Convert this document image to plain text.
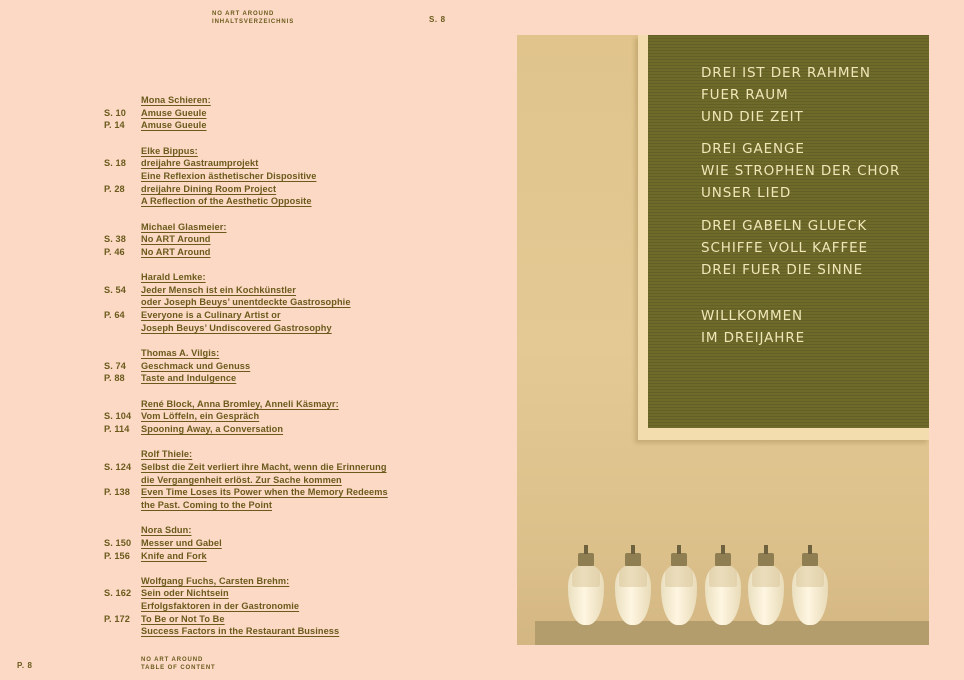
NO ART AROUND
INHALTSVERZEICHNIS	S. 8
Mona Schieren:
S. 10	Amuse Gueule
P. 14	Amuse Gueule
Elke Bippus:
S. 18	dreijahre Gastraumprojekt
Eine Reflexion ästhetischer Dispositive
P. 28	dreijahre Dining Room Project
A Reflection of the Aesthetic Opposite
Michael Glasmeier:
S. 38	No ART Around
P. 46	No ART Around
Harald Lemke:
S. 54	Jeder Mensch ist ein Kochkünstler
oder Joseph Beuys’ unentdeckte Gastrosophie
P. 64	Everyone is a Culinary Artist or
Joseph Beuys’ Undiscovered Gastrosophy
Thomas A. Vilgis:
S. 74	Geschmack und Genuss
P. 88	Taste and Indulgence
René Block, Anna Bromley, Anneli Käsmayr:
S. 104	Vom Löffeln, ein Gespräch
P. 114	Spooning Away, a Conversation
Rolf Thiele:
S. 124	Selbst die Zeit verliert ihre Macht, wenn die Erinnerung
die Vergangenheit erlöst. Zur Sache kommen
P. 138	Even Time Loses its Power when the Memory Redeems
the Past. Coming to the Point
Nora Sdun:
S. 150	Messer und Gabel
P. 156	Knife and Fork
Wolfgang Fuchs, Carsten Brehm:
S. 162	Sein oder Nichtsein
Erfolgsfaktoren in der Gastronomie
P. 172	To Be or Not To Be
Success Factors in the Restaurant Business
P. 8
NO ART AROUND
TABLE OF CONTENT
DREI IST DER RAHMEN
FUER RAUM
UND DIE ZEIT
DREI GAENGE
WIE STROPHEN DER CHOR
UNSER LIED
DREI GABELN GLUECK
SCHIFFE VOLL KAFFEE
DREI FUER DIE SINNE
WILLKOMMEN
IM DREIJAHRE
